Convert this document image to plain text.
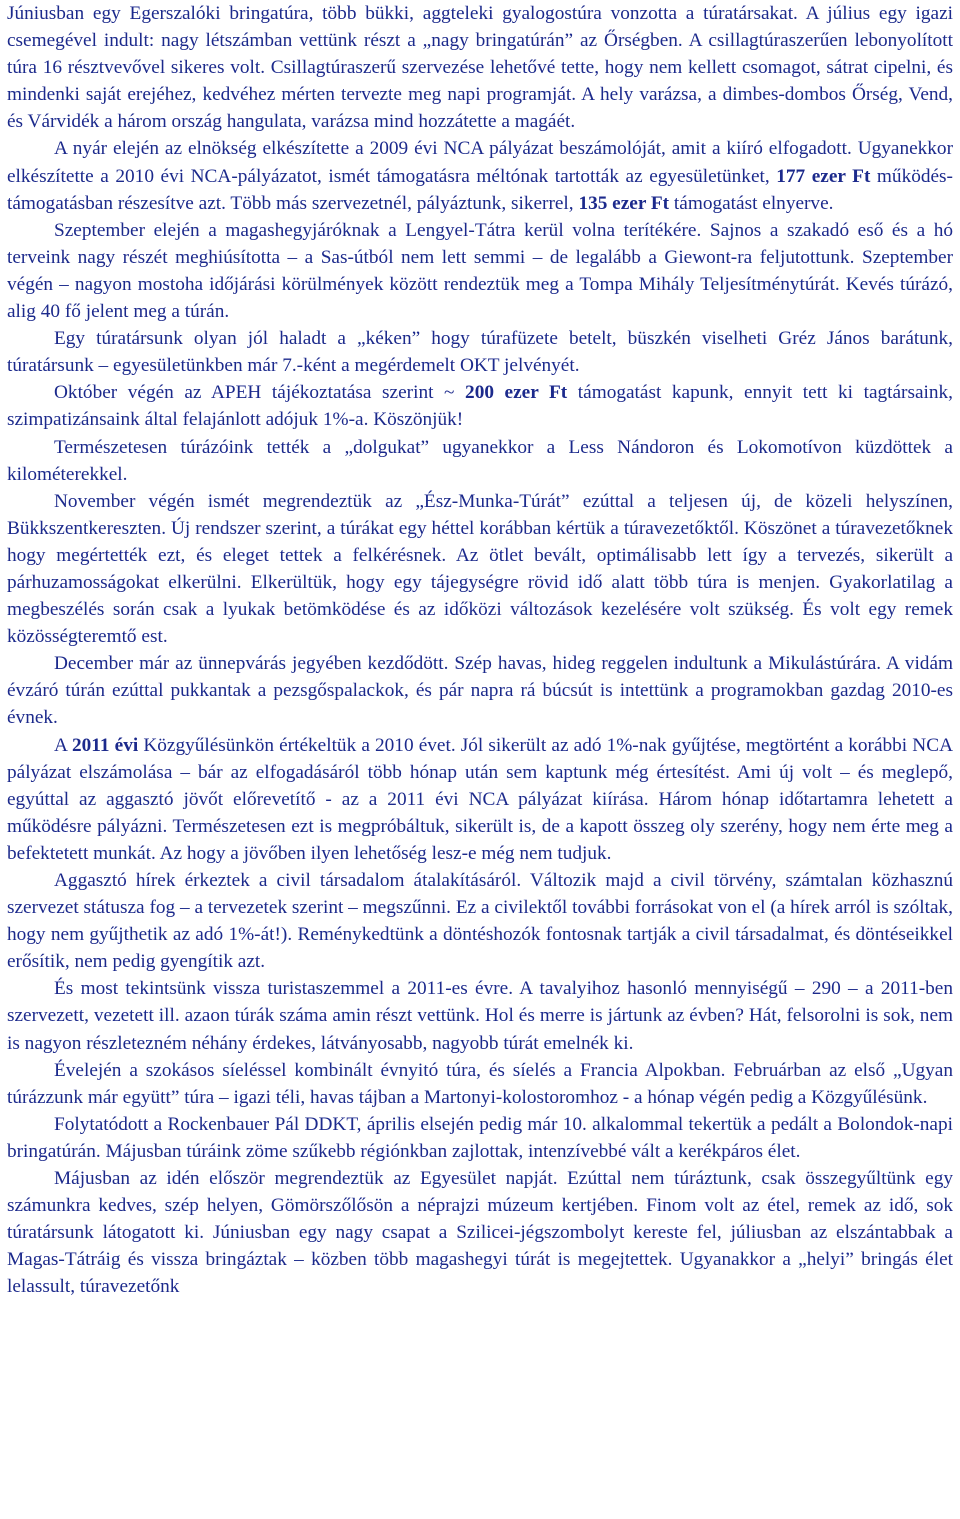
Júniusban egy Egerszalóki bringatúra, több bükki, aggteleki gyalogostúra vonzotta a túratársakat. A július egy igazi csemegével indult: nagy létszámban vettünk részt a „nagy bringatúrán” az Őrségben. A csillagtúraszerűen lebonyolított túra 16 résztvevővel sikeres volt. Csillagtúraszerű szervezése lehetővé tette, hogy nem kellett csomagot, sátrat cipelni, és mindenki saját erejéhez, kedvéhez mérten tervezte meg napi programját. A hely varázsa, a dimbes-dombos Őrség, Vend, és Várvidék a három ország hangulata, varázsa mind hozzátette a magáét.

A nyár elején az elnökség elkészítette a 2009 évi NCA pályázat beszámolóját, amit a kiíró elfogadott. Ugyanekkor elkészítette a 2010 évi NCA-pályázatot, ismét támogatásra méltónak tartották az egyesületünket, 177 ezer Ft működés-támogatásban részesítve azt. Több más szervezetnél, pályáztunk, sikerrel, 135 ezer Ft támogatást elnyerve.

Szeptember elején a magashegyjáróknak a Lengyel-Tátra kerül volna terítékére. Sajnos a szakadó eső és a hó terveink nagy részét meghiúsította – a Sas-útból nem lett semmi – de legalább a Giewont-ra feljutottunk. Szeptember végén – nagyon mostoha időjárási körülmények között rendeztük meg a Tompa Mihály Teljesítménytúrát. Kevés túrázó, alig 40 fő jelent meg a túrán.

Egy túratársunk olyan jól haladt a „kéken” hogy túrafüzete betelt, büszkén viselheti Gréz János barátunk, túratársunk – egyesületünkben már 7.-ként a megérdemelt OKT jelvényét.

Október végén az APEH tájékoztatása szerint ~ 200 ezer Ft támogatást kapunk, ennyit tett ki tagtársaink, szimpatizánsaink által felajánlott adójuk 1%-a. Köszönjük!

Természetesen túrázóink tették a „dolgukat” ugyanekkor a Less Nándoron és Lokomotívon küzdöttek a kilométerekkel.

November végén ismét megrendeztük az „Ész-Munka-Túrát” ezúttal a teljesen új, de közeli helyszínen, Bükkszentkereszten. Új rendszer szerint, a túrákat egy héttel korábban kértük a túravezetőktől. Köszönet a túravezetőknek hogy megértették ezt, és eleget tettek a felkérésnek. Az ötlet bevált, optimálisabb lett így a tervezés, sikerült a párhuzamosságokat elkerülni. Elkerültük, hogy egy tájegységre rövid idő alatt több túra is menjen. Gyakorlatilag a megbeszélés során csak a lyukak betömködése és az időközi változások kezelésére volt szükség. És volt egy remek közösségteremtő est.

December már az ünnepvárás jegyében kezdődött. Szép havas, hideg reggelen indultunk a Mikulástúrára. A vidám évzáró túrán ezúttal pukkantak a pezsgőspalackok, és pár napra rá búcsút is intettünk a programokban gazdag 2010-es évnek.

A 2011 évi Közgyűlésünkön értékeltük a 2010 évet. Jól sikerült az adó 1%-nak gyűjtése, megtörtént a korábbi NCA pályázat elszámolása – bár az elfogadásáról több hónap után sem kaptunk még értesítést. Ami új volt – és meglepő, egyúttal az aggasztó jövőt előrevetítő - az a 2011 évi NCA pályázat kiírása. Három hónap időtartamra lehetett a működésre pályázni. Természetesen ezt is megpróbáltuk, sikerült is, de a kapott összeg oly szerény, hogy nem érte meg a befektetett munkát. Az hogy a jövőben ilyen lehetőség lesz-e még nem tudjuk.

Aggasztó hírek érkeztek a civil társadalom átalakításáról. Változik majd a civil törvény, számtalan közhasznú szervezet státusza fog – a tervezetek szerint – megszűnni. Ez a civilektől további forrásokat von el (a hírek arról is szóltak, hogy nem gyűjthetik az adó 1%-át!). Reménykedtünk a döntéshozók fontosnak tartják a civil társadalmat, és döntéseikkel erősítik, nem pedig gyengítik azt.

És most tekintsünk vissza turistaszemmel a 2011-es évre. A tavalyihoz hasonló mennyiségű – 290 – a 2011-ben szervezett, vezetett ill. azaon túrák száma amin részt vettünk. Hol és merre is jártunk az évben? Hát, felsorolni is sok, nem is nagyon részletezném néhány érdekes, látványosabb, nagyobb túrát emelnék ki.

Évelején a szokásos síeléssel kombinált évnyitó túra, és síelés a Francia Alpokban. Februárban az első „Ugyan túrázzunk már együtt” túra – igazi téli, havas tájban a Martonyi-kolostoromhoz - a hónap végén pedig a Közgyűlésünk.

Folytatódott a Rockenbauer Pál DDKT, április elsején pedig már 10. alkalommal tekertük a pedált a Bolondok-napi bringatúrán. Májusban túráink zöme szűkebb régiónkban zajlottak, intenzívebbé vált a kerékpáros élet.

Májusban az idén először megrendeztük az Egyesület napját. Ezúttal nem túráztunk, csak összegyűltünk egy számunkra kedves, szép helyen, Gömörszőlősön a néprajzi múzeum kertjében. Finom volt az étel, remek az idő, sok túratársunk látogatott ki. Júniusban egy nagy csapat a Szilicei-jégszombolyt kereste fel, júliusban az elszántabbak a Magas-Tátráig és vissza bringáztak – közben több magashegyi túrát is megejtettek. Ugyanakkor a „helyi” bringás élet lelassult, túravezetőnk
